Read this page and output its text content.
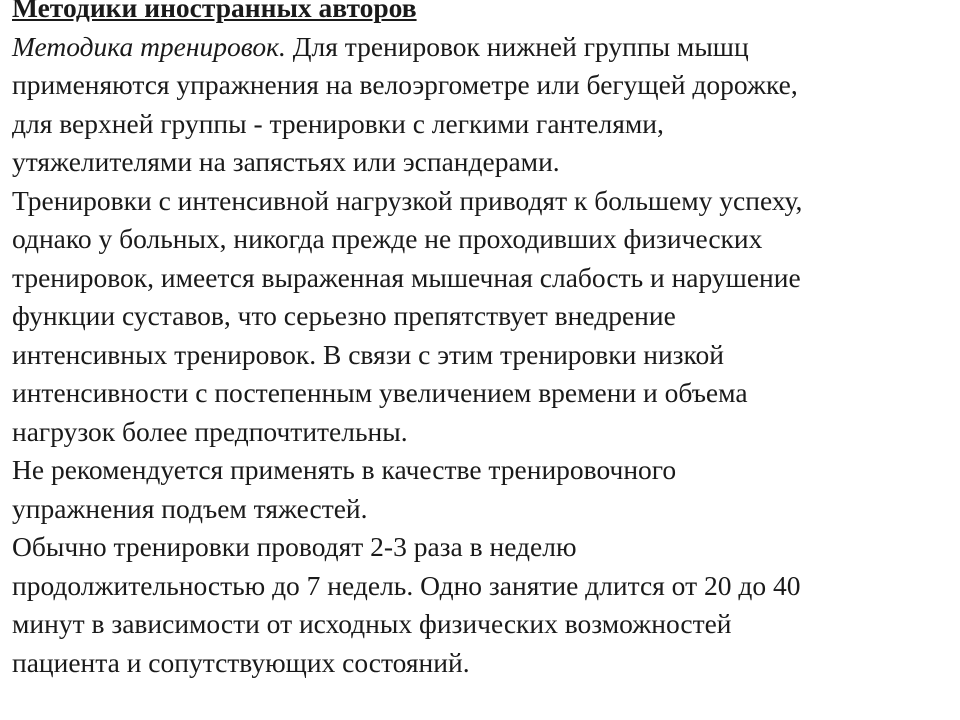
Методики иностранных авторов

Методика тренировок. Для тренировок нижней группы мышц
применяются упражнения на велоэргометре или бегущей дорожке,
для верхней группы - тренировки с легкими гантелями,
утяжелителями на запястьях или эспандерами.

Тренировки с интенсивной нагрузкой приводят к большему успеху,
однако у больных, никогда прежде не проходивших физических
тренировок, имеется выраженная мышечная слабость и нарушение
функции суставов, что серьезно препятствует внедрение
интенсивных тренировок. В связи с этим тренировки низкой
интенсивности с постепенным увеличением времени и объема
нагрузок более предпочтительны.

Не рекомендуется применять в качестве тренировочного
упражнения подъем тяжестей.

Обычно тренировки проводят 2-3 раза в неделю
продолжительностью до 7 недель. Одно занятие длится от 20 до 40
минут в зависимости от исходных физических возможностей
пациента и сопутствующих состояний.
